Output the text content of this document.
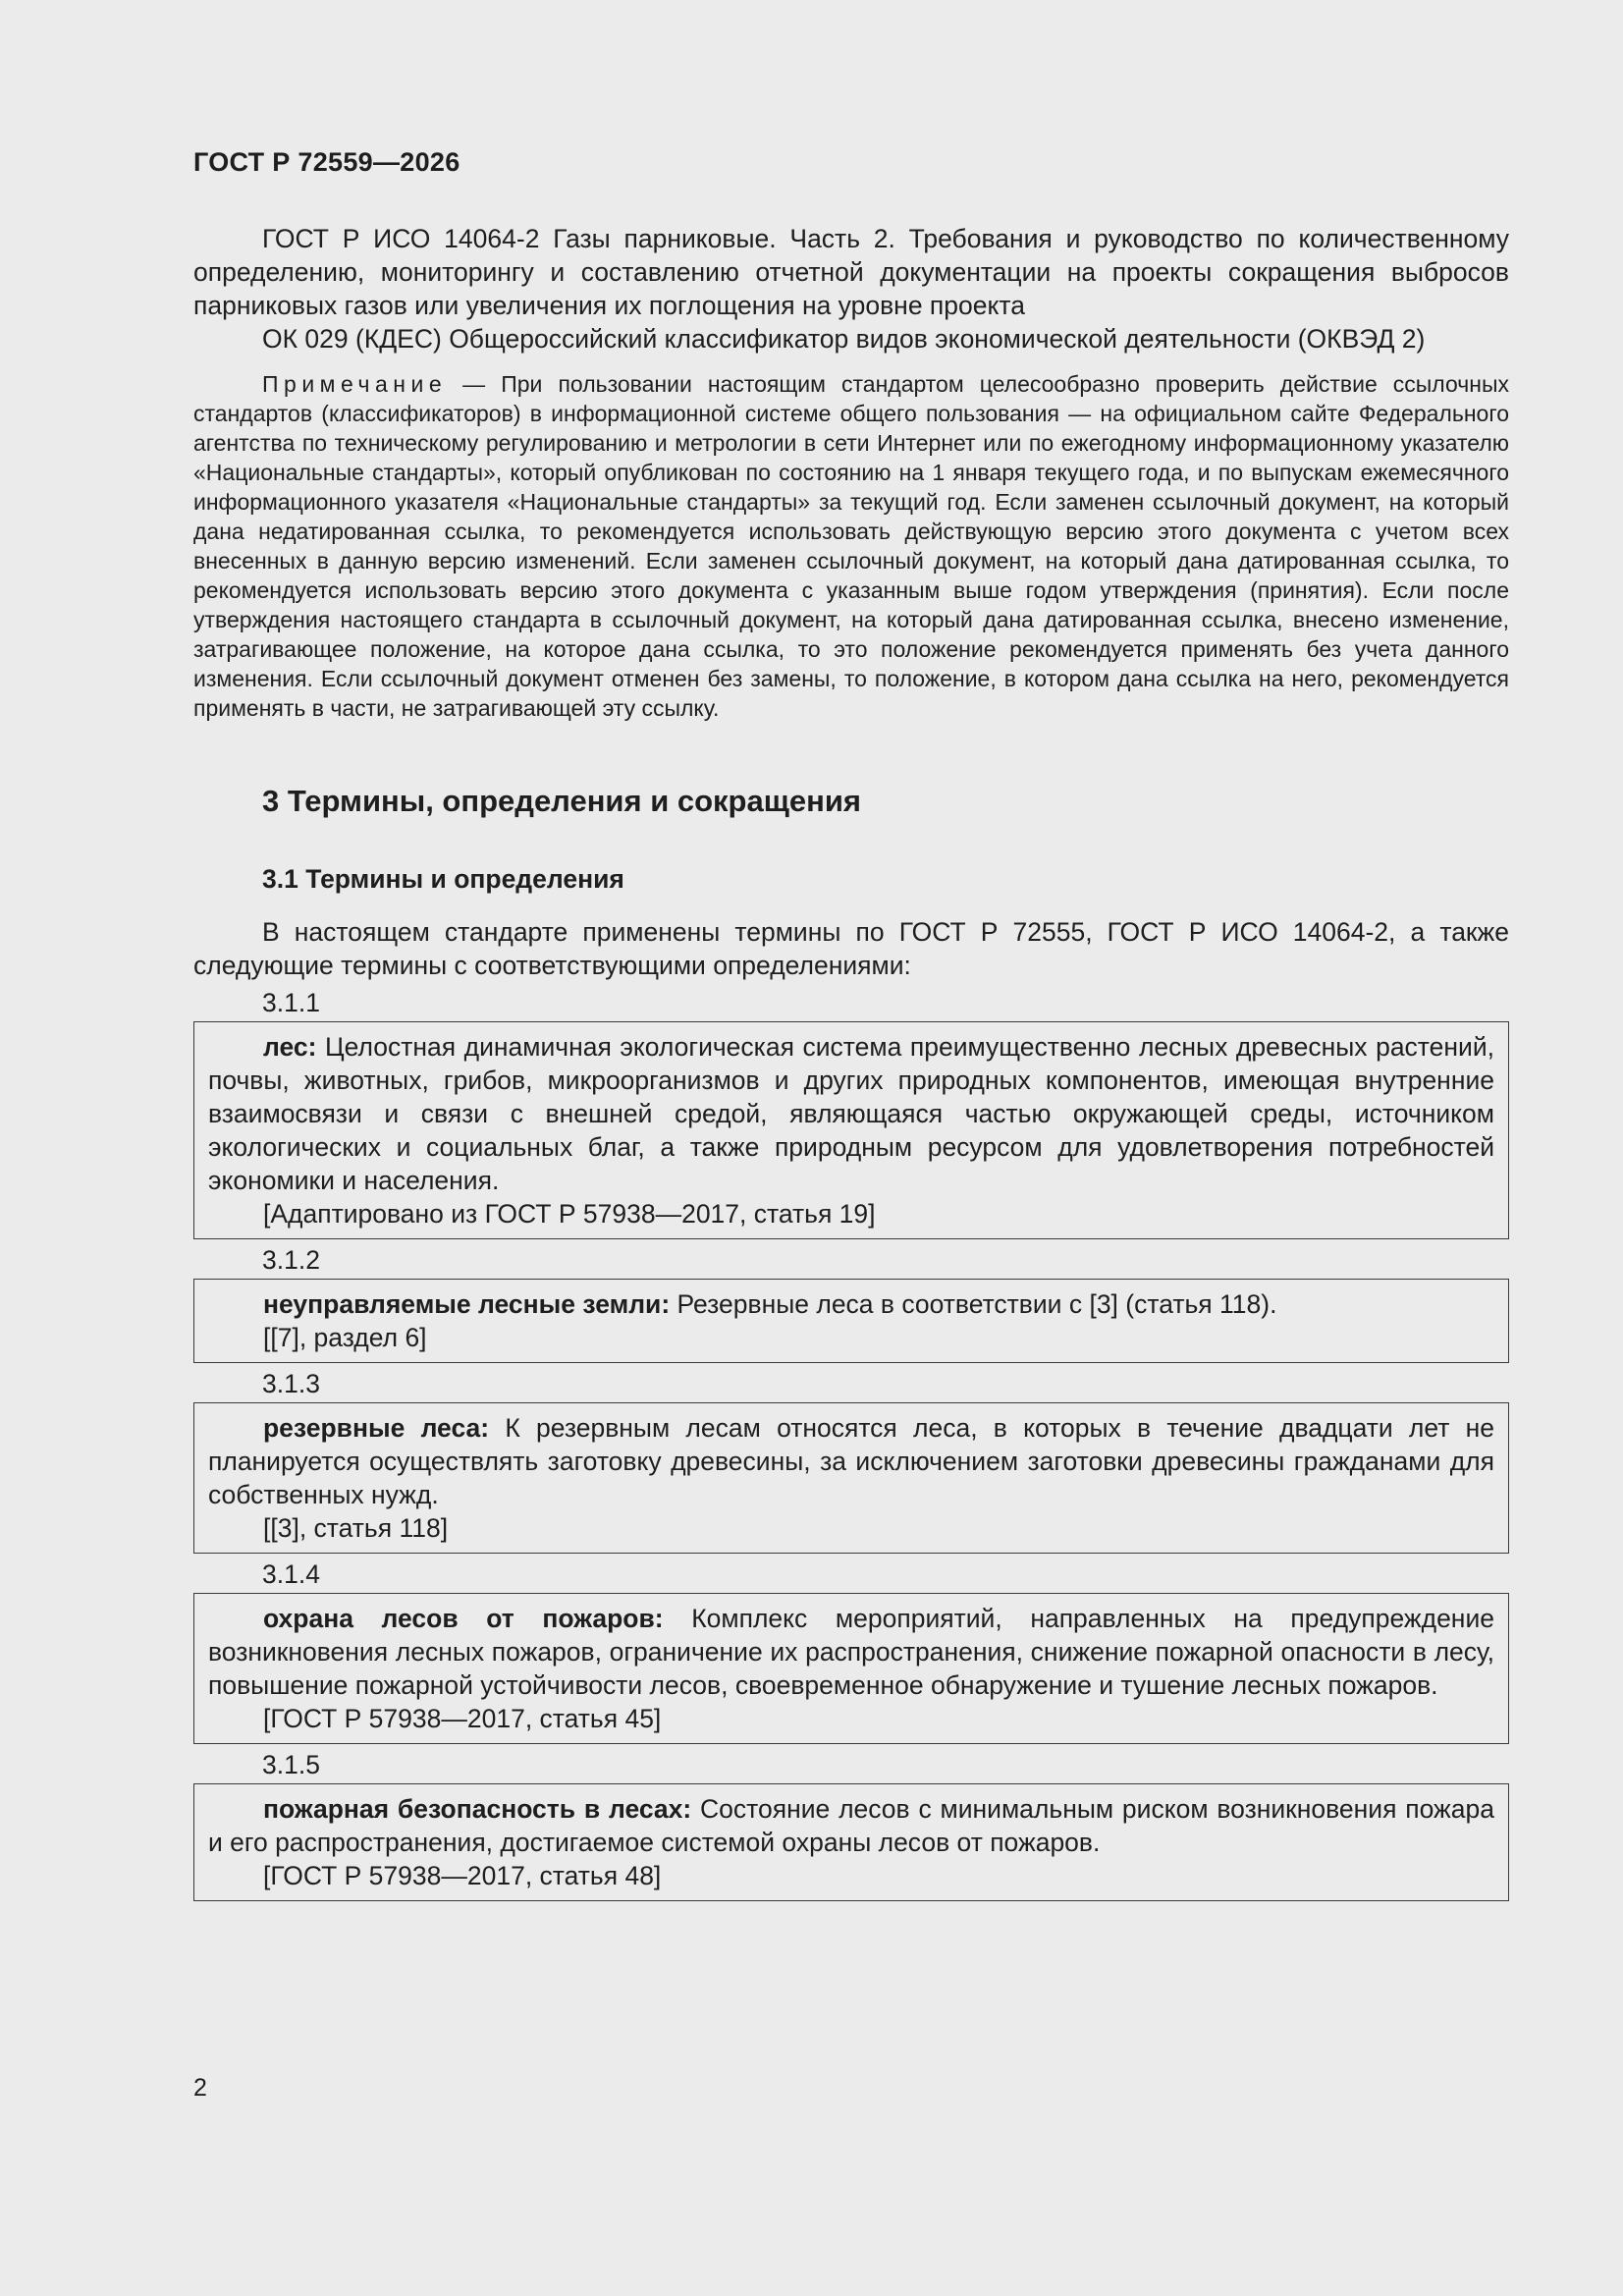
ГОСТ Р 72559—2026

ГОСТ Р ИСО 14064-2 Газы парниковые. Часть 2. Требования и руководство по количественному определению, мониторингу и составлению отчетной документации на проекты сокращения выбросов парниковых газов или увеличения их поглощения на уровне проекта

ОК 029 (КДЕС) Общероссийский классификатор видов экономической деятельности (ОКВЭД 2)

Примечание — При пользовании настоящим стандартом целесообразно проверить действие ссылочных стандартов (классификаторов) в информационной системе общего пользования — на официальном сайте Федерального агентства по техническому регулированию и метрологии в сети Интернет или по ежегодному информационному указателю «Национальные стандарты», который опубликован по состоянию на 1 января текущего года, и по выпускам ежемесячного информационного указателя «Национальные стандарты» за текущий год. Если заменен ссылочный документ, на который дана недатированная ссылка, то рекомендуется использовать действующую версию этого документа с учетом всех внесенных в данную версию изменений. Если заменен ссылочный документ, на который дана датированная ссылка, то рекомендуется использовать версию этого документа с указанным выше годом утверждения (принятия). Если после утверждения настоящего стандарта в ссылочный документ, на который дана датированная ссылка, внесено изменение, затрагивающее положение, на которое дана ссылка, то это положение рекомендуется применять без учета данного изменения. Если ссылочный документ отменен без замены, то положение, в котором дана ссылка на него, рекомендуется применять в части, не затрагивающей эту ссылку.

3 Термины, определения и сокращения
3.1 Термины и определения

В настоящем стандарте применены термины по ГОСТ Р 72555, ГОСТ Р ИСО 14064-2, а также следующие термины с соответствующими определениями:

3.1.1

лес: Целостная динамичная экологическая система преимущественно лесных древесных растений, почвы, животных, грибов, микроорганизмов и других природных компонентов, имеющая внутренние взаимосвязи и связи с внешней средой, являющаяся частью окружающей среды, источником экологических и социальных благ, а также природным ресурсом для удовлетворения потребностей экономики и населения.

[Адаптировано из ГОСТ Р 57938—2017, статья 19]
3.1.2

неуправляемые лесные земли: Резервные леса в соответствии с [3] (статья 118).

[[7], раздел 6]
3.1.3

резервные леса: К резервным лесам относятся леса, в которых в течение двадцати лет не планируется осуществлять заготовку древесины, за исключением заготовки древесины гражданами для собственных нужд.

[[3], статья 118]
3.1.4

охрана лесов от пожаров: Комплекс мероприятий, направленных на предупреждение возникновения лесных пожаров, ограничение их распространения, снижение пожарной опасности в лесу, повышение пожарной устойчивости лесов, своевременное обнаружение и тушение лесных пожаров.

[ГОСТ Р 57938—2017, статья 45]
3.1.5

пожарная безопасность в лесах: Состояние лесов с минимальным риском возникновения пожара и его распространения, достигаемое системой охраны лесов от пожаров.

[ГОСТ Р 57938—2017, статья 48]
2
